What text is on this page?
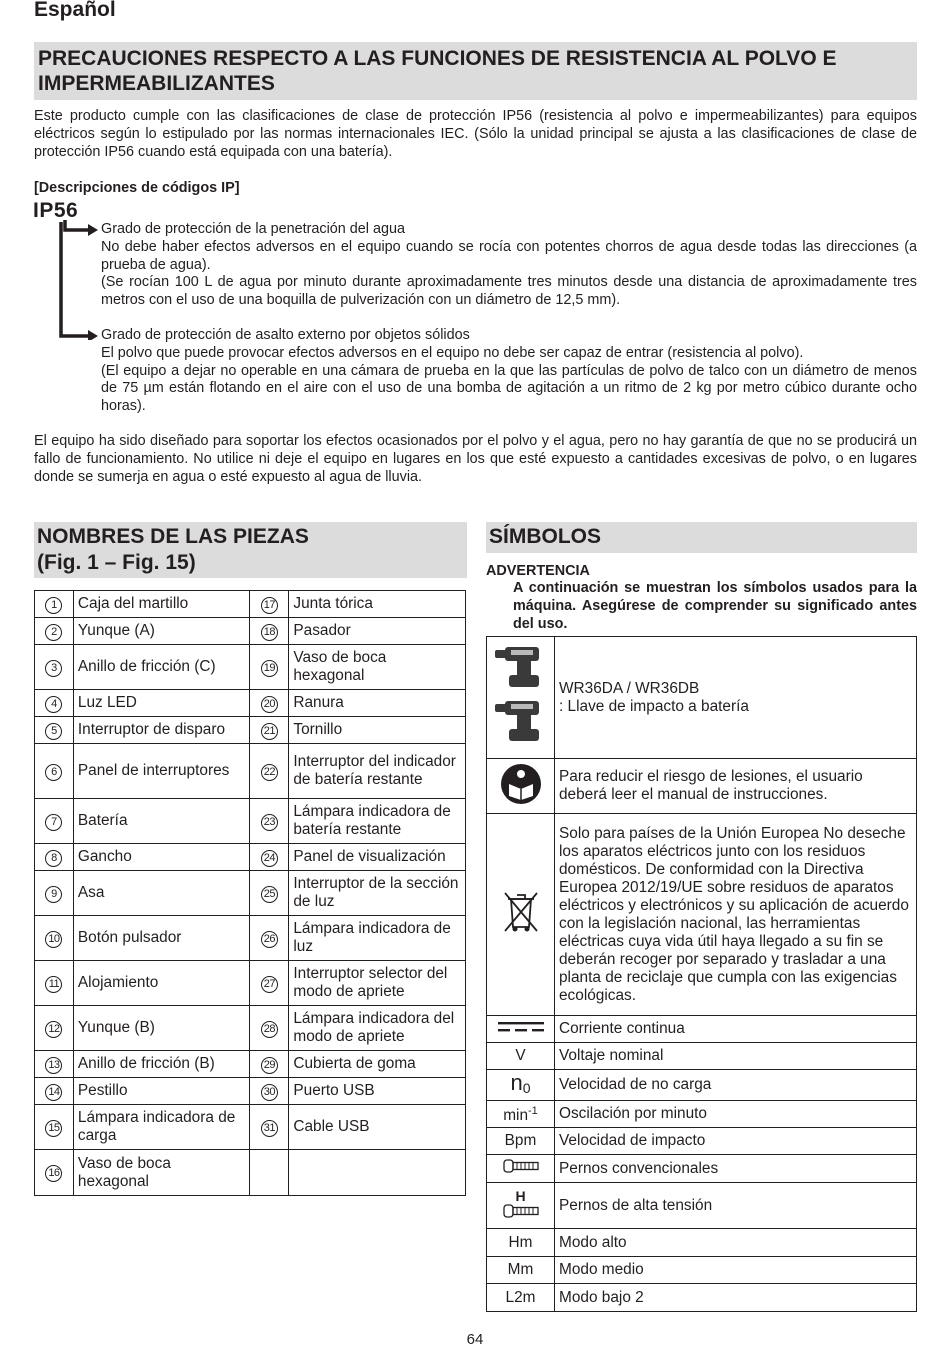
Español
PRECAUCIONES RESPECTO A LAS FUNCIONES DE RESISTENCIA AL POLVO E IMPERMEABILIZANTES
Este producto cumple con las clasificaciones de clase de protección IP56 (resistencia al polvo e impermeabilizantes) para equipos eléctricos según lo estipulado por las normas internacionales IEC. (Sólo la unidad principal se ajusta a las clasificaciones de clase de protección IP56 cuando está equipada con una batería).
[Descripciones de códigos IP]
IP56
Grado de protección de la penetración del agua
No debe haber efectos adversos en el equipo cuando se rocía con potentes chorros de agua desde todas las direcciones (a prueba de agua).
(Se rocían 100 L de agua por minuto durante aproximadamente tres minutos desde una distancia de aproximadamente tres metros con el uso de una boquilla de pulverización con un diámetro de 12,5 mm).
Grado de protección de asalto externo por objetos sólidos
El polvo que puede provocar efectos adversos en el equipo no debe ser capaz de entrar (resistencia al polvo).
(El equipo a dejar no operable en una cámara de prueba en la que las partículas de polvo de talco con un diámetro de menos de 75 µm están flotando en el aire con el uso de una bomba de agitación a un ritmo de 2 kg por metro cúbico durante ocho horas).
El equipo ha sido diseñado para soportar los efectos ocasionados por el polvo y el agua, pero no hay garantía de que no se producirá un fallo de funcionamiento. No utilice ni deje el equipo en lugares en los que esté expuesto a cantidades excesivas de polvo, o en lugares donde se sumerja en agua o esté expuesto al agua de lluvia.
NOMBRES DE LAS PIEZAS
(Fig. 1 – Fig. 15)
1	Caja del martillo	17	Junta tórica
2	Yunque (A)	18	Pasador
3	Anillo de fricción (C)	19	Vaso de boca hexagonal
4	Luz LED	20	Ranura
5	Interruptor de disparo	21	Tornillo
6	Panel de interruptores	22	Interruptor del indicador de batería restante
7	Batería	23	Lámpara indicadora de batería restante
8	Gancho	24	Panel de visualización
9	Asa	25	Interruptor de la sección de luz
10	Botón pulsador	26	Lámpara indicadora de luz
11	Alojamiento	27	Interruptor selector del modo de apriete
12	Yunque (B)	28	Lámpara indicadora del modo de apriete
13	Anillo de fricción (B)	29	Cubierta de goma
14	Pestillo	30	Puerto USB
15	Lámpara indicadora de carga	31	Cable USB
16	Vaso de boca hexagonal		
SÍMBOLOS
ADVERTENCIA
A continuación se muestran los símbolos usados para la máquina. Asegúrese de comprender su significado antes del uso.

WR36DA / WR36DB
: Llave de impacto a batería

	Para reducir el riesgo de lesiones, el usuario deberá leer el manual de instrucciones.
	Solo para países de la Unión Europea No deseche los aparatos eléctricos junto con los residuos domésticos. De conformidad con la Directiva Europea 2012/19/UE sobre residuos de aparatos eléctricos y electrónicos y su aplicación de acuerdo con la legislación nacional, las herramientas eléctricas cuya vida útil haya llegado a su fin se deberán recoger por separado y trasladar a una planta de reciclaje que cumpla con las exigencias ecológicas.
	Corriente continua
V	Voltaje nominal
$n_0$	Velocidad de no carga
$\min^{-1}$	Oscilación por minuto
Bpm	Velocidad de impacto
	Pernos convencionales

H	Pernos de alta tensión
Hm	Modo alto
Mm	Modo medio
L2m	Modo bajo 2
64
